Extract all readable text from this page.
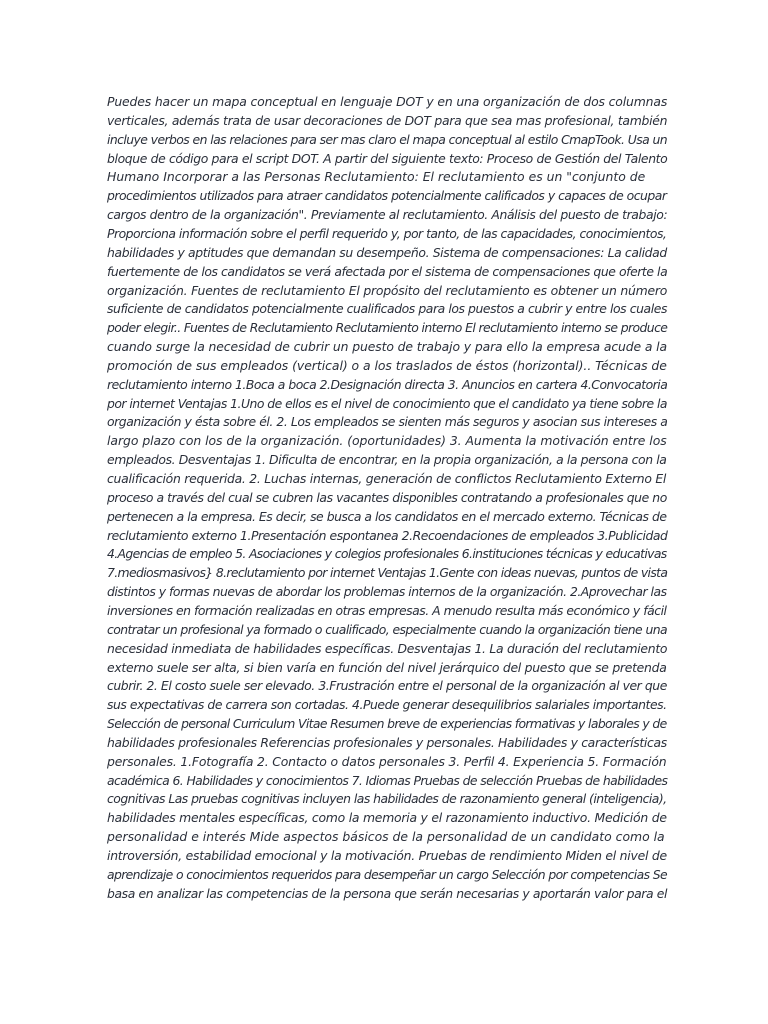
Puedes hacer un mapa conceptual en lenguaje DOT y en una organización de dos columnas
verticales, además trata de usar decoraciones de DOT para que sea mas profesional, también
incluye verbos en las relaciones para ser mas claro el mapa conceptual al estilo CmapTook. Usa un
bloque de código para el script DOT. A partir del siguiente texto: Proceso de Gestión del Talento
Humano Incorporar a las Personas Reclutamiento: El reclutamiento es un "conjunto de
procedimientos utilizados para atraer candidatos potencialmente calificados y capaces de ocupar
cargos dentro de la organización". Previamente al reclutamiento. Análisis del puesto de trabajo:
Proporciona información sobre el perfil requerido y, por tanto, de las capacidades, conocimientos,
habilidades y aptitudes que demandan su desempeño. Sistema de compensaciones: La calidad
fuertemente de los candidatos se verá afectada por el sistema de compensaciones que oferte la
organización. Fuentes de reclutamiento El propósito del reclutamiento es obtener un número
suficiente de candidatos potencialmente cualificados para los puestos a cubrir y entre los cuales
poder elegir.. Fuentes de Reclutamiento Reclutamiento interno El reclutamiento interno se produce
cuando surge la necesidad de cubrir un puesto de trabajo y para ello la empresa acude a la
promoción de sus empleados (vertical) o a los traslados de éstos (horizontal).. Técnicas de
reclutamiento interno 1.Boca a boca 2.Designación directa 3. Anuncios en cartera 4.Convocatoria
por internet Ventajas 1.Uno de ellos es el nivel de conocimiento que el candidato ya tiene sobre la
organización y ésta sobre él. 2. Los empleados se sienten más seguros y asocian sus intereses a
largo plazo con los de la organización. (oportunidades) 3. Aumenta la motivación entre los
empleados. Desventajas 1. Dificulta de encontrar, en la propia organización, a la persona con la
cualificación requerida. 2. Luchas internas, generación de conflictos Reclutamiento Externo El
proceso a través del cual se cubren las vacantes disponibles contratando a profesionales que no
pertenecen a la empresa. Es decir, se busca a los candidatos en el mercado externo. Técnicas de
reclutamiento externo 1.Presentación espontanea 2.Recoendaciones de empleados 3.Publicidad
4.Agencias de empleo 5. Asociaciones y colegios profesionales 6.instituciones técnicas y educativas
7.mediosmasivos} 8.reclutamiento por internet Ventajas 1.Gente con ideas nuevas, puntos de vista
distintos y formas nuevas de abordar los problemas internos de la organización. 2.Aprovechar las
inversiones en formación realizadas en otras empresas. A menudo resulta más económico y fácil
contratar un profesional ya formado o cualificado, especialmente cuando la organización tiene una
necesidad inmediata de habilidades específicas. Desventajas 1. La duración del reclutamiento
externo suele ser alta, si bien varía en función del nivel jerárquico del puesto que se pretenda
cubrir. 2. El costo suele ser elevado. 3.Frustración entre el personal de la organización al ver que
sus expectativas de carrera son cortadas. 4.Puede generar desequilibrios salariales importantes.
Selección de personal Curriculum Vitae Resumen breve de experiencias formativas y laborales y de
habilidades profesionales Referencias profesionales y personales. Habilidades y características
personales. 1.Fotografía 2. Contacto o datos personales 3. Perfil 4. Experiencia 5. Formación
académica 6. Habilidades y conocimientos 7. Idiomas Pruebas de selección Pruebas de habilidades
cognitivas Las pruebas cognitivas incluyen las habilidades de razonamiento general (inteligencia),
habilidades mentales específicas, como la memoria y el razonamiento inductivo. Medición de
personalidad e interés Mide aspectos básicos de la personalidad de un candidato como la
introversión, estabilidad emocional y la motivación. Pruebas de rendimiento Miden el nivel de
aprendizaje o conocimientos requeridos para desempeñar un cargo Selección por competencias Se
basa en analizar las competencias de la persona que serán necesarias y aportarán valor para el
